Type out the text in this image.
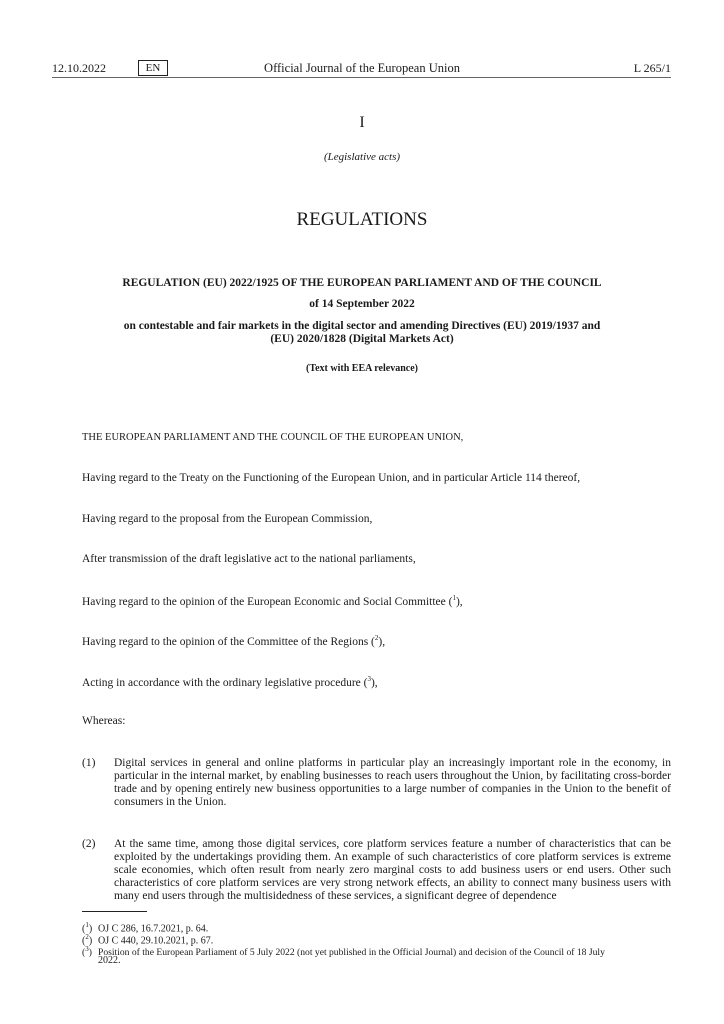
12.10.2022	EN	Official Journal of the European Union	L 265/1
I
(Legislative acts)
REGULATIONS
REGULATION (EU) 2022/1925 OF THE EUROPEAN PARLIAMENT AND OF THE COUNCIL
of 14 September 2022
on contestable and fair markets in the digital sector and amending Directives (EU) 2019/1937 and
(EU) 2020/1828 (Digital Markets Act)
(Text with EEA relevance)
THE EUROPEAN PARLIAMENT AND THE COUNCIL OF THE EUROPEAN UNION,
Having regard to the Treaty on the Functioning of the European Union, and in particular Article 114 thereof,
Having regard to the proposal from the European Commission,
After transmission of the draft legislative act to the national parliaments,
Having regard to the opinion of the European Economic and Social Committee ($^1$),
Having regard to the opinion of the Committee of the Regions ($^2$),
Acting in accordance with the ordinary legislative procedure ($^3$),
Whereas:
(1) Digital services in general and online platforms in particular play an increasingly important role in the economy, in particular in the internal market, by enabling businesses to reach users throughout the Union, by facilitating cross-border trade and by opening entirely new business opportunities to a large number of companies in the Union to the benefit of consumers in the Union.
(2) At the same time, among those digital services, core platform services feature a number of characteristics that can be exploited by the undertakings providing them. An example of such characteristics of core platform services is extreme scale economies, which often result from nearly zero marginal costs to add business users or end users. Other such characteristics of core platform services are very strong network effects, an ability to connect many business users with many end users through the multisidedness of these services, a significant degree of dependence
($^1$) OJ C 286, 16.7.2021, p. 64.
($^2$) OJ C 440, 29.10.2021, p. 67.
($^3$) Position of the European Parliament of 5 July 2022 (not yet published in the Official Journal) and decision of the Council of 18 July
2022.
